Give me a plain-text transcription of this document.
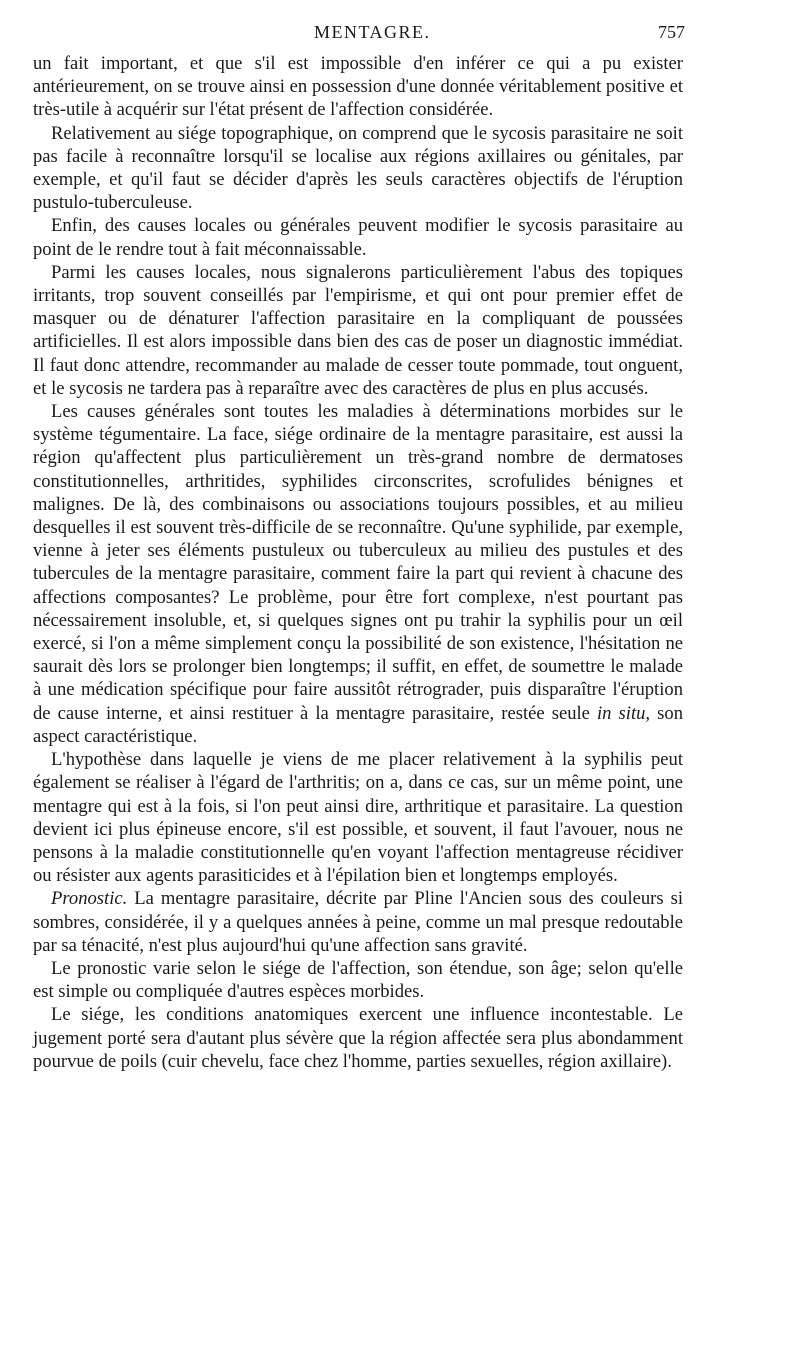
MENTAGRE.	757

un fait important, et que s'il est impossible d'en inférer ce qui a pu exister antérieurement, on se trouve ainsi en possession d'une donnée véritablement positive et très-utile à acquérir sur l'état présent de l'affection considérée.

Relativement au siége topographique, on comprend que le sycosis parasitaire ne soit pas facile à reconnaître lorsqu'il se localise aux régions axillaires ou génitales, par exemple, et qu'il faut se décider d'après les seuls caractères objectifs de l'éruption pustulo-tuberculeuse.

Enfin, des causes locales ou générales peuvent modifier le sycosis parasitaire au point de le rendre tout à fait méconnaissable.

Parmi les causes locales, nous signalerons particulièrement l'abus des topiques irritants, trop souvent conseillés par l'empirisme, et qui ont pour premier effet de masquer ou de dénaturer l'affection parasitaire en la compliquant de poussées artificielles. Il est alors impossible dans bien des cas de poser un diagnostic immédiat. Il faut donc attendre, recommander au malade de cesser toute pommade, tout onguent, et le sycosis ne tardera pas à reparaître avec des caractères de plus en plus accusés.

Les causes générales sont toutes les maladies à déterminations morbides sur le système tégumentaire. La face, siége ordinaire de la mentagre parasitaire, est aussi la région qu'affectent plus particulièrement un très-grand nombre de dermatoses constitutionnelles, arthritides, syphilides circonscrites, scrofulides bénignes et malignes. De là, des combinaisons ou associations toujours possibles, et au milieu desquelles il est souvent très-difficile de se reconnaître. Qu'une syphilide, par exemple, vienne à jeter ses éléments pustuleux ou tuberculeux au milieu des pustules et des tubercules de la mentagre parasitaire, comment faire la part qui revient à chacune des affections composantes? Le problème, pour être fort complexe, n'est pourtant pas nécessairement insoluble, et, si quelques signes ont pu trahir la syphilis pour un œil exercé, si l'on a même simplement conçu la possibilité de son existence, l'hésitation ne saurait dès lors se prolonger bien longtemps; il suffit, en effet, de soumettre le malade à une médication spécifique pour faire aussitôt rétrograder, puis disparaître l'éruption de cause interne, et ainsi restituer à la mentagre parasitaire, restée seule in situ, son aspect caractéristique.

L'hypothèse dans laquelle je viens de me placer relativement à la syphilis peut également se réaliser à l'égard de l'arthritis; on a, dans ce cas, sur un même point, une mentagre qui est à la fois, si l'on peut ainsi dire, arthritique et parasitaire. La question devient ici plus épineuse encore, s'il est possible, et souvent, il faut l'avouer, nous ne pensons à la maladie constitutionnelle qu'en voyant l'affection mentagreuse récidiver ou résister aux agents parasiticides et à l'épilation bien et longtemps employés.

Pronostic. La mentagre parasitaire, décrite par Pline l'Ancien sous des couleurs si sombres, considérée, il y a quelques années à peine, comme un mal presque redoutable par sa ténacité, n'est plus aujourd'hui qu'une affection sans gravité.

Le pronostic varie selon le siége de l'affection, son étendue, son âge; selon qu'elle est simple ou compliquée d'autres espèces morbides.

Le siége, les conditions anatomiques exercent une influence incontestable. Le jugement porté sera d'autant plus sévère que la région affectée sera plus abondamment pourvue de poils (cuir chevelu, face chez l'homme, parties sexuelles, région axillaire).
